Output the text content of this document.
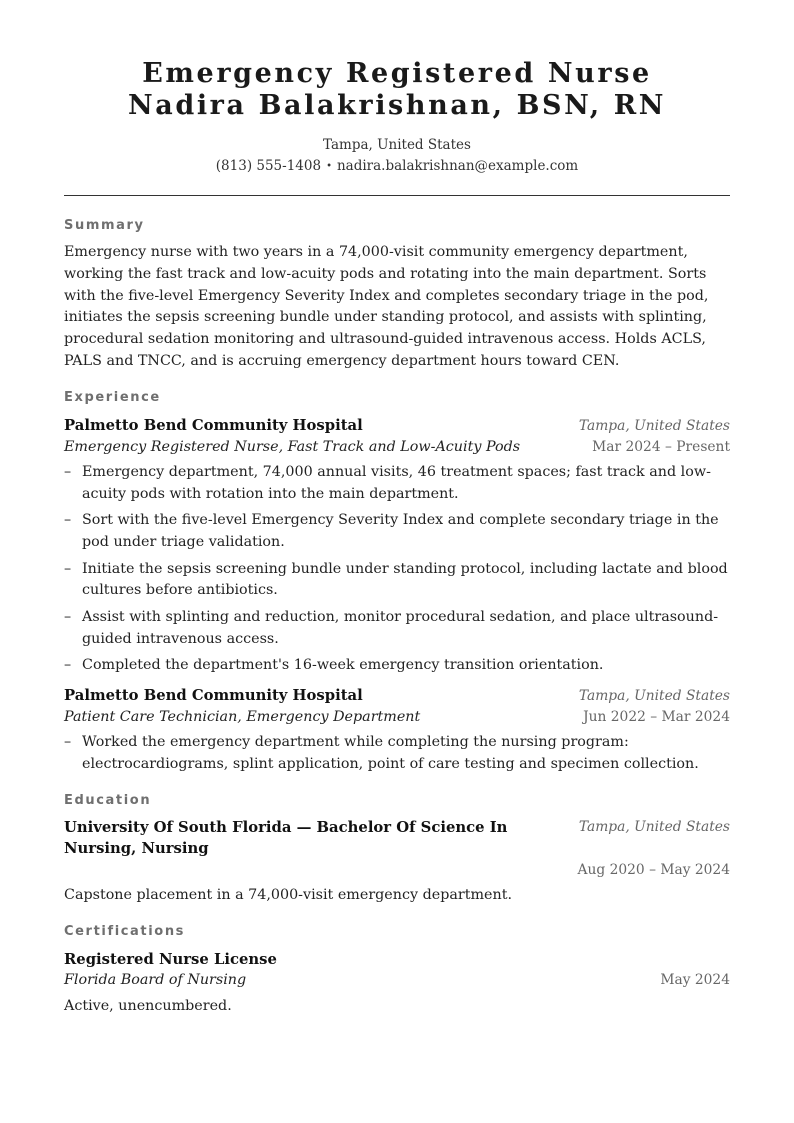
Emergency Registered Nurse
Nadira Balakrishnan, BSN, RN
Tampa, United States
(813) 555-1408 • nadira.balakrishnan@example.com
Summary
Emergency nurse with two years in a 74,000-visit community emergency department, working the fast track and low-acuity pods and rotating into the main department. Sorts with the five-level Emergency Severity Index and completes secondary triage in the pod, initiates the sepsis screening bundle under standing protocol, and assists with splinting, procedural sedation monitoring and ultrasound-guided intravenous access. Holds ACLS, PALS and TNCC, and is accruing emergency department hours toward CEN.
Experience
Palmetto Bend Community Hospital	Tampa, United States
Emergency Registered Nurse, Fast Track and Low-Acuity Pods	Mar 2024 – Present
– Emergency department, 74,000 annual visits, 46 treatment spaces; fast track and low-acuity pods with rotation into the main department.
– Sort with the five-level Emergency Severity Index and complete secondary triage in the pod under triage validation.
– Initiate the sepsis screening bundle under standing protocol, including lactate and blood cultures before antibiotics.
– Assist with splinting and reduction, monitor procedural sedation, and place ultrasound-guided intravenous access.
– Completed the department's 16-week emergency transition orientation.
Palmetto Bend Community Hospital	Tampa, United States
Patient Care Technician, Emergency Department	Jun 2022 – Mar 2024
– Worked the emergency department while completing the nursing program: electrocardiograms, splint application, point of care testing and specimen collection.
Education
University Of South Florida — Bachelor Of Science In Nursing, Nursing
Tampa, United States
Aug 2020 – May 2024
Capstone placement in a 74,000-visit emergency department.
Certifications
Registered Nurse License
Florida Board of Nursing	May 2024
Active, unencumbered.
